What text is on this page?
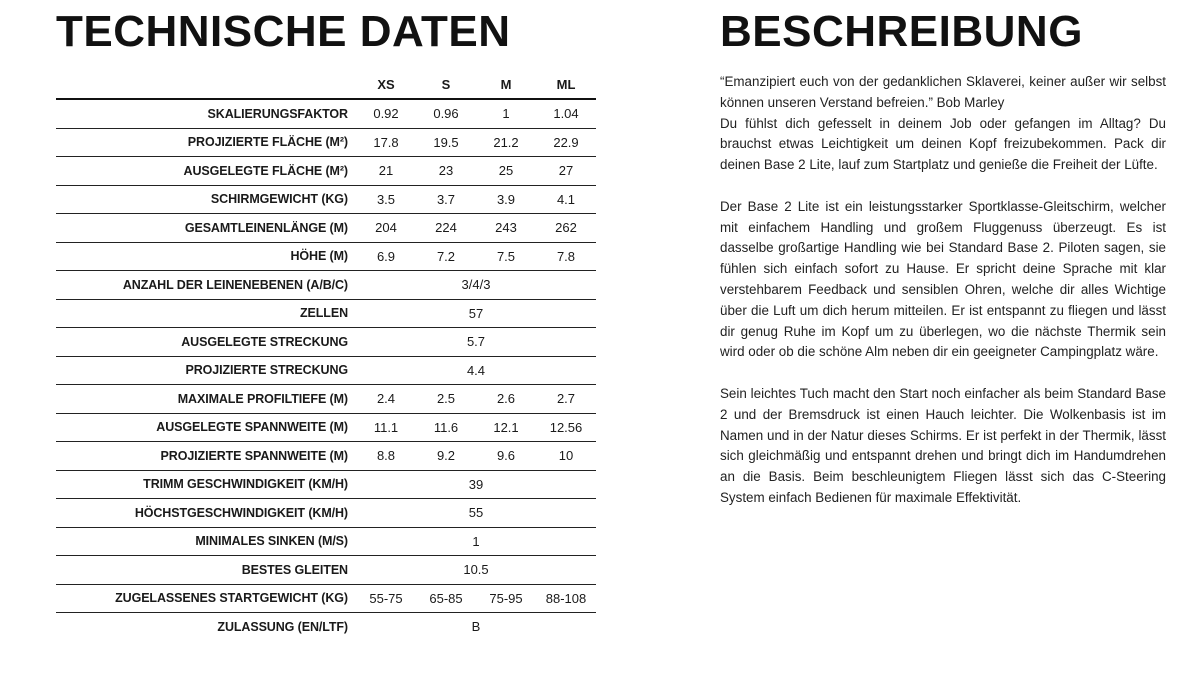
TECHNISCHE DATEN
	XS	S	M	ML
SKALIERUNGSFAKTOR	0.92	0.96	1	1.04
PROJIZIERTE FLÄCHE (M²)	17.8	19.5	21.2	22.9
AUSGELEGTE FLÄCHE (M²)	21	23	25	27
SCHIRMGEWICHT (KG)	3.5	3.7	3.9	4.1
GESAMTLEINENLÄNGE (M)	204	224	243	262
HÖHE (M)	6.9	7.2	7.5	7.8
ANZAHL DER LEINENEBENEN (A/B/C)	3/4/3			
ZELLEN	57			
AUSGELEGTE STRECKUNG	5.7			
PROJIZIERTE STRECKUNG	4.4			
MAXIMALE PROFILTIEFE (M)	2.4	2.5	2.6	2.7
AUSGELEGTE SPANNWEITE (M)	11.1	11.6	12.1	12.56
PROJIZIERTE SPANNWEITE (M)	8.8	9.2	9.6	10
TRIMM GESCHWINDIGKEIT (KM/H)	39			
HÖCHSTGESCHWINDIGKEIT (KM/H)	55			
MINIMALES SINKEN (M/S)	1			
BESTES GLEITEN	10.5			
ZUGELASSENES STARTGEWICHT (KG)	55-75	65-85	75-95	88-108
ZULASSUNG (EN/LTF)	B			
BESCHREIBUNG

“Emanzipiert euch von der gedanklichen Sklaverei, keiner außer wir selbst können unseren Verstand befreien.” Bob Marley
Du fühlst dich gefesselt in deinem Job oder gefangen im Alltag? Du brauchst etwas Leichtigkeit um deinen Kopf freizubekommen. Pack dir deinen Base 2 Lite, lauf zum Startplatz und genieße die Freiheit der Lüfte.

Der Base 2 Lite ist ein leistungsstarker Sportklasse-Gleitschirm, welcher mit einfachem Handling und großem Fluggenuss überzeugt. Es ist dasselbe großartige Handling wie bei Standard Base 2. Piloten sagen, sie fühlen sich einfach sofort zu Hause. Er spricht deine Sprache mit klar verstehbarem Feedback und sensiblen Ohren, welche dir alles Wichtige über die Luft um dich herum mitteilen. Er ist entspannt zu fliegen und lässt dir genug Ruhe im Kopf um zu überlegen, wo die nächste Thermik sein wird oder ob die schöne Alm neben dir ein geeigneter Campingplatz wäre.

Sein leichtes Tuch macht den Start noch einfacher als beim Standard Base 2 und der Bremsdruck ist einen Hauch leichter. Die Wolkenbasis ist im Namen und in der Natur dieses Schirms. Er ist perfekt in der Thermik, lässt sich gleichmäßig und entspannt drehen und bringt dich im Handumdrehen an die Basis. Beim beschleunigtem Fliegen lässt sich das C-Steering System einfach Bedienen für maximale Effektivität.
